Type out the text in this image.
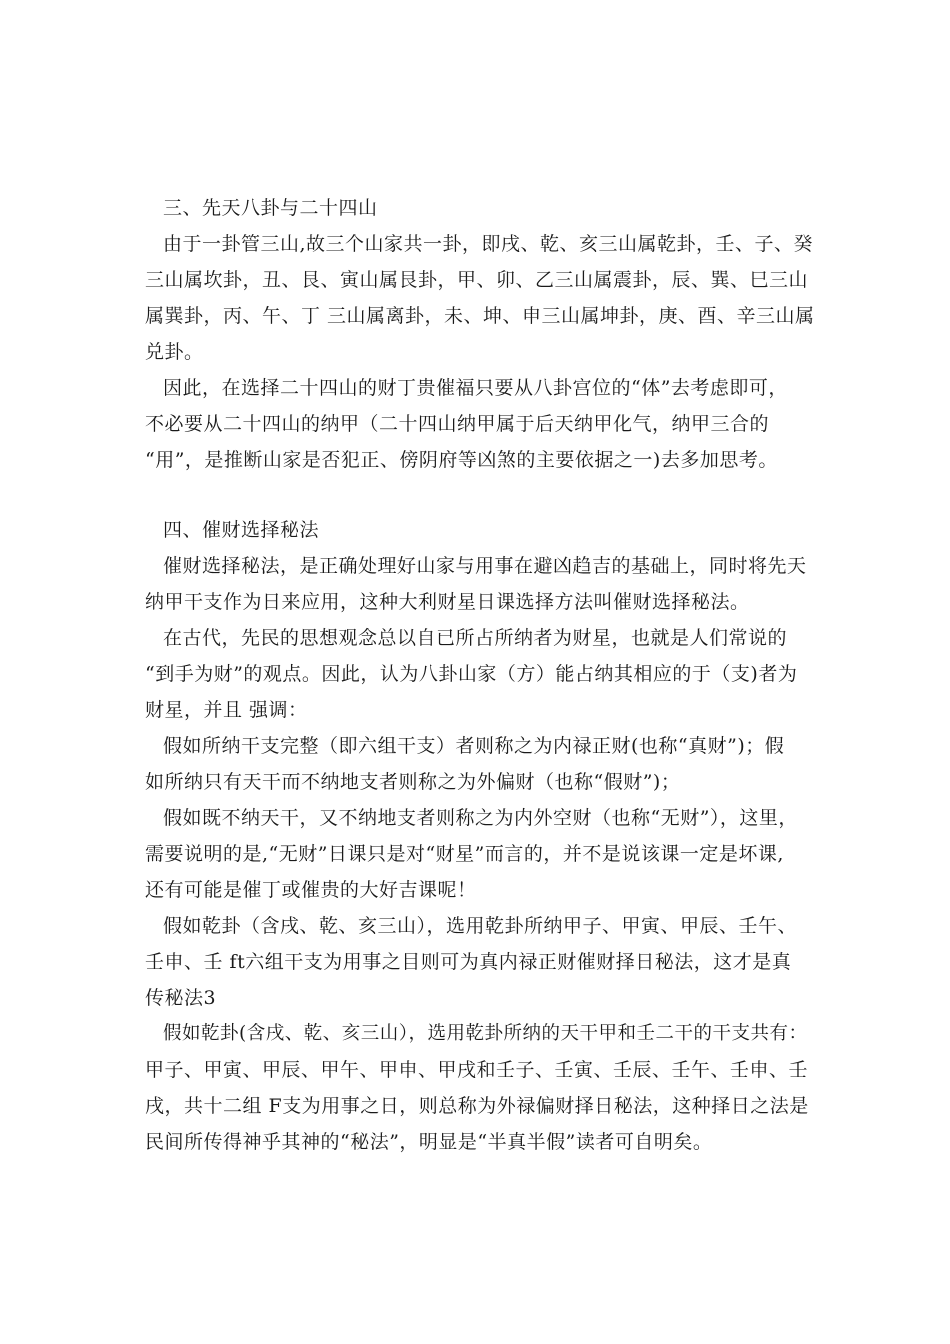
三、先天八卦与二十四山
由于一卦管三山,故三个山家共一卦，即戌、乾、亥三山属乾卦，壬、子、癸
三山属坎卦，丑、艮、寅山属艮卦，甲、卯、乙三山属震卦，辰、巽、巳三山
属巽卦，丙、午、丁 三山属离卦，未、坤、申三山属坤卦，庚、酉、辛三山属
兑卦。
因此，在选择二十四山的财丁贵催福只要从八卦宫位的“体”去考虑即可，
不必要从二十四山的纳甲（二十四山纳甲属于后天纳甲化气，纳甲三合的
“用”，是推断山家是否犯正、傍阴府等凶煞的主要依据之一)去多加思考。
四、催财选择秘法
催财选择秘法，是正确处理好山家与用事在避凶趋吉的基础上，同时将先天
纳甲干支作为日来应用，这种大利财星日课选择方法叫催财选择秘法。
在古代，先民的思想观念总以自已所占所纳者为财星，也就是人们常说的
“到手为财”的观点。因此，认为八卦山家（方）能占纳其相应的于（支)者为
财星，并且 强调：
假如所纳干支完整（即六组干支）者则称之为内禄正财(也称“真财”)；假
如所纳只有天干而不纳地支者则称之为外偏财（也称“假财”)；
假如既不纳天干，又不纳地支者则称之为内外空财（也称“无财”），这里，
需要说明的是,“无财”日课只是对“财星”而言的，并不是说该课一定是坏课,
还有可能是催丁或催贵的大好吉课呢！
假如乾卦（含戌、乾、亥三山），选用乾卦所纳甲子、甲寅、甲辰、壬午、
壬申、壬 ft六组干支为用事之目则可为真内禄正财催财择日秘法，这才是真
传秘法3
假如乾卦(含戌、乾、亥三山），选用乾卦所纳的天干甲和壬二干的干支共有：
甲子、甲寅、甲辰、甲午、甲申、甲戌和壬子、壬寅、壬辰、壬午、壬申、壬
戌，共十二组 F支为用事之日，则总称为外禄偏财择日秘法，这种择日之法是
民间所传得神乎其神的“秘法”，明显是“半真半假”读者可自明矣。
